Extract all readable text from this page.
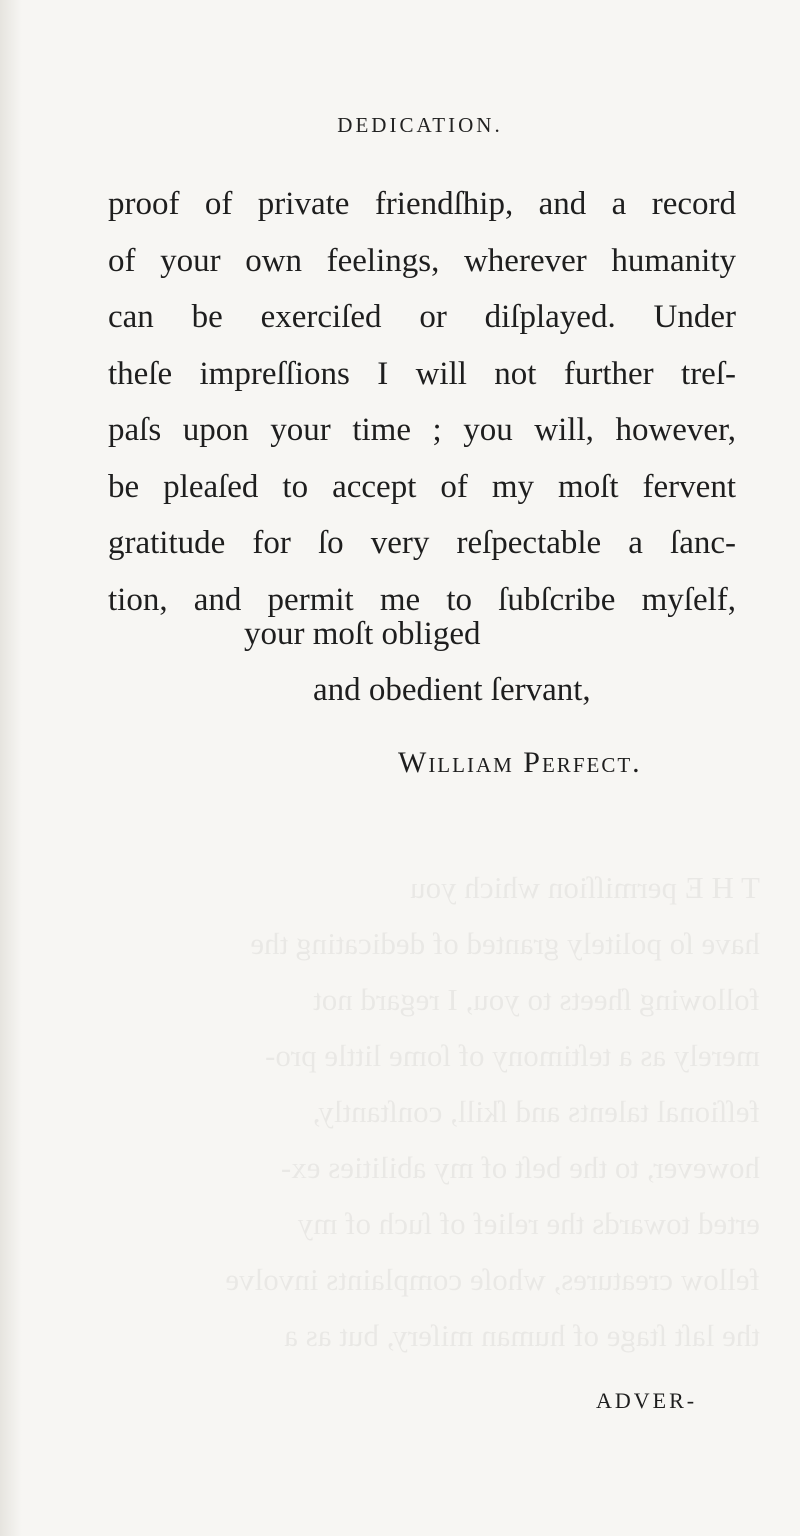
T H E permiſſion which you
have ſo politely granted of dedicating the
following ſheets to you, I regard not
merely as a teſtimony of ſome little pro-
feſſional talents and ſkill, conſtantly,
however, to the beſt of my abilities ex-
erted towards the relief of ſuch of my
fellow creatures, whoſe complaints involve
the laſt ſtage of human miſery, but as a
DEDICATION.
proof of private friendſhip, and a record
of your own feelings, wherever humanity
can be exerciſed or diſplayed. Under
theſe impreſſions I will not further treſ-
paſs upon your time ; you will, however,
be pleaſed to accept of my moſt fervent
gratitude for ſo very reſpectable a ſanc-
tion, and permit me to ſubſcribe myſelf,
your moſt obliged
and obedient ſervant,
William Perfect.
ADVER-
